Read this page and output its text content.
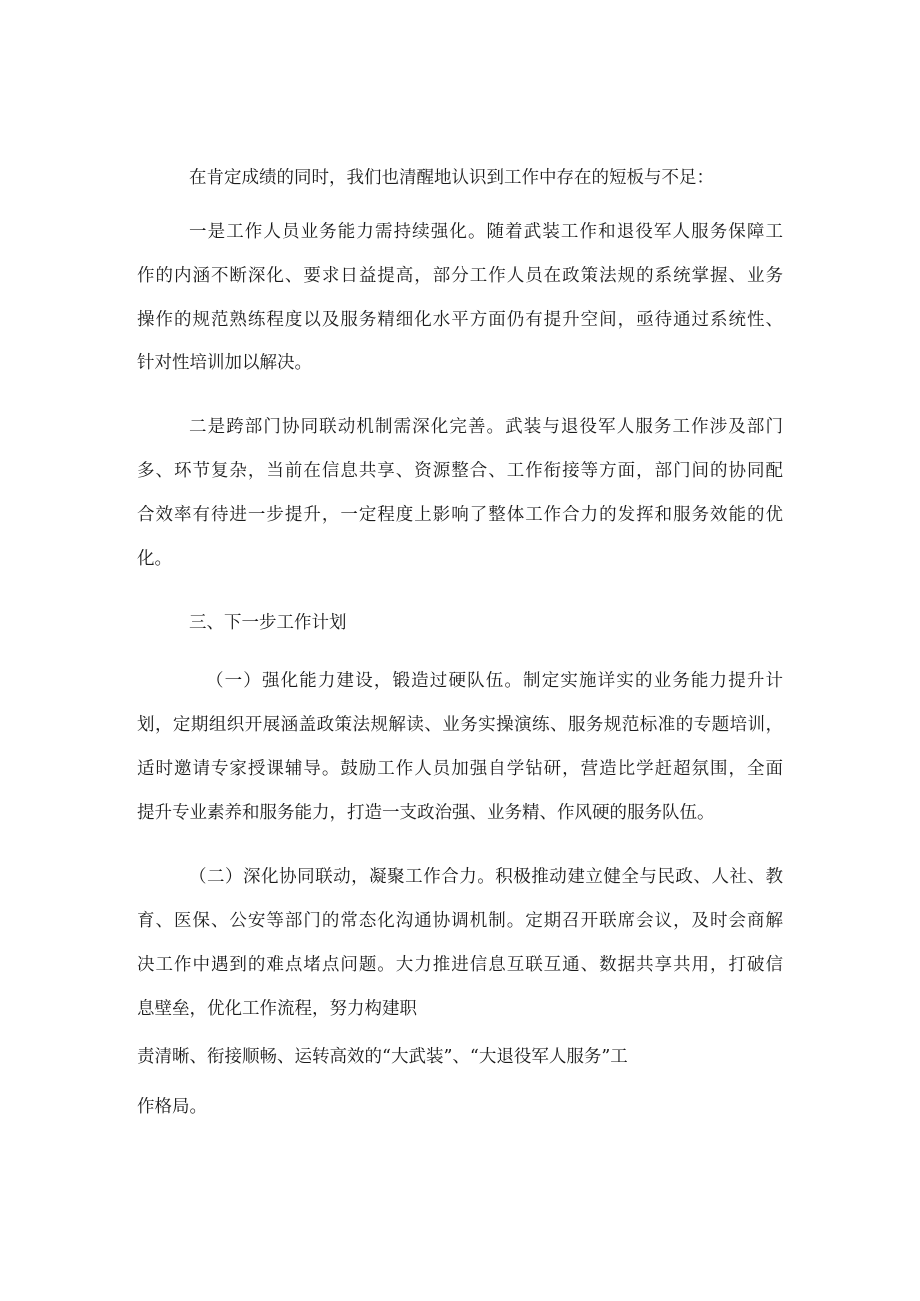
在肯定成绩的同时，我们也清醒地认识到工作中存在的短板与不足：
一是工作人员业务能力需持续强化。随着武装工作和退役军人服务保障工
作的内涵不断深化、要求日益提高，部分工作人员在政策法规的系统掌握、业务
操作的规范熟练程度以及服务精细化水平方面仍有提升空间，亟待通过系统性、
针对性培训加以解决。
二是跨部门协同联动机制需深化完善。武装与退役军人服务工作涉及部门
多、环节复杂，当前在信息共享、资源整合、工作衔接等方面，部门间的协同配
合效率有待进一步提升，一定程度上影响了整体工作合力的发挥和服务效能的优
化。
三、下一步工作计划
（一）强化能力建设，锻造过硬队伍。制定实施详实的业务能力提升计
划，定期组织开展涵盖政策法规解读、业务实操演练、服务规范标准的专题培训，
适时邀请专家授课辅导。鼓励工作人员加强自学钻研，营造比学赶超氛围，全面
提升专业素养和服务能力，打造一支政治强、业务精、作风硬的服务队伍。
（二）深化协同联动，凝聚工作合力。积极推动建立健全与民政、人社、教
育、医保、公安等部门的常态化沟通协调机制。定期召开联席会议，及时会商解
决工作中遇到的难点堵点问题。大力推进信息互联互通、数据共享共用，打破信
息壁垒，优化工作流程，努力构建职
责清晰、衔接顺畅、运转高效的“大武装”、“大退役军人服务”工
作格局。
